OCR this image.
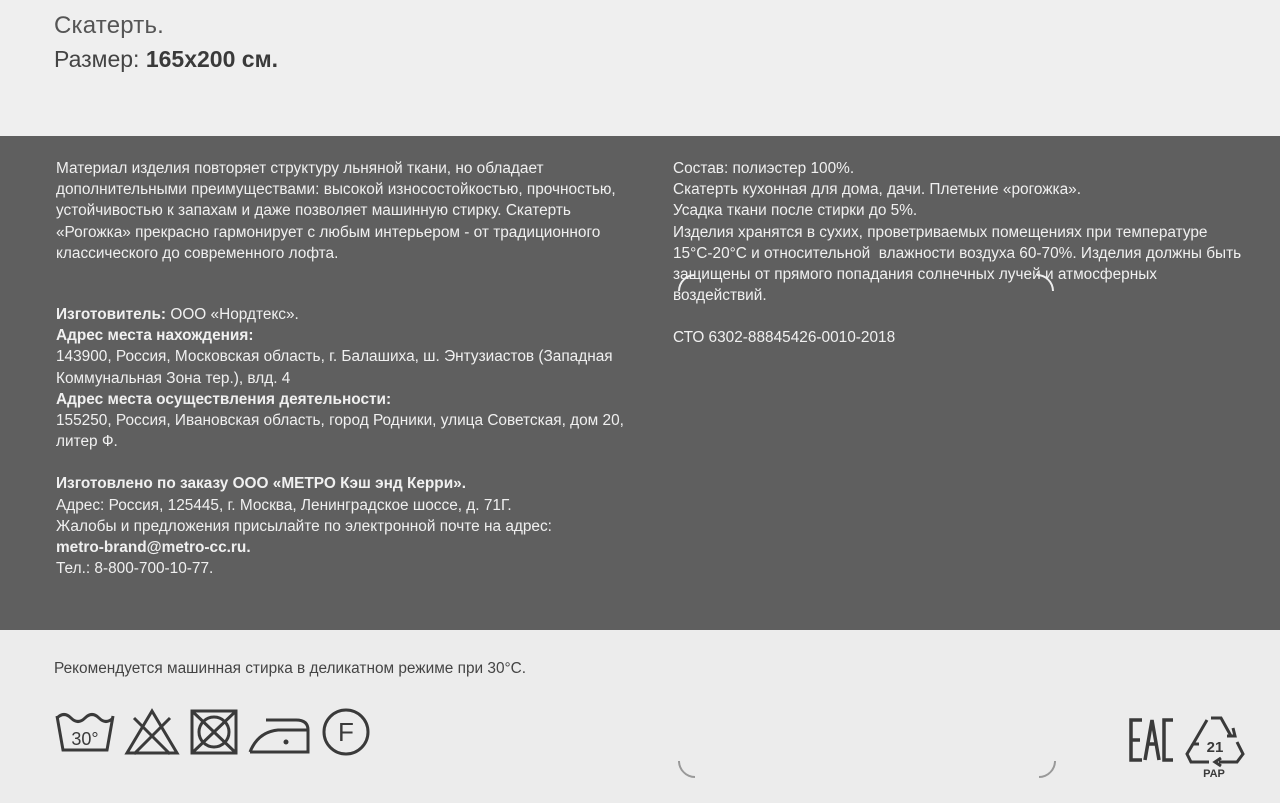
Скатерть.
Размер: 165x200 см.

Материал изделия повторяет структуру льняной ткани, но обладает дополнительными преимуществами: высокой износостойкостью, прочностью, устойчивостью к запахам и даже позволяет машинную стирку. Скатерть «Рогожка» прекрасно гармонирует с любым интерьером - от традиционного классического до современного лофта.

Изготовитель: ООО «Нордтекс».

Адрес места нахождения:

143900, Россия, Московская область, г. Балашиха, ш. Энтузиастов (Западная Коммунальная Зона тер.), влд. 4

Адрес места осуществления деятельности:

155250, Россия, Ивановская область, город Родники, улица Советская, дом 20, литер Ф.

Изготовлено по заказу ООО «МЕТРО Кэш энд Керри».

Адрес: Россия, 125445, г. Москва, Ленинградское шоссе, д. 71Г.

Жалобы и предложения присылайте по электронной почте на адрес:

metro-brand@metro-cc.ru.

Тел.: 8-800-700-10-77.

Состав: полиэстер 100%.

Скатерть кухонная для дома, дачи. Плетение «рогожка».

Усадка ткани после стирки до 5%.

Изделия хранятся в сухих, проветриваемых помещениях при температуре  15°C-20°C и относительной  влажности воздуха 60-70%. Изделия должны быть защищены от прямого попадания солнечных лучей и атмосферных воздействий.

СТО 6302-88845426-0010-2018

Рекомендуется машинная стирка в деликатном режиме при 30°С.
30°	F
21
PAP
